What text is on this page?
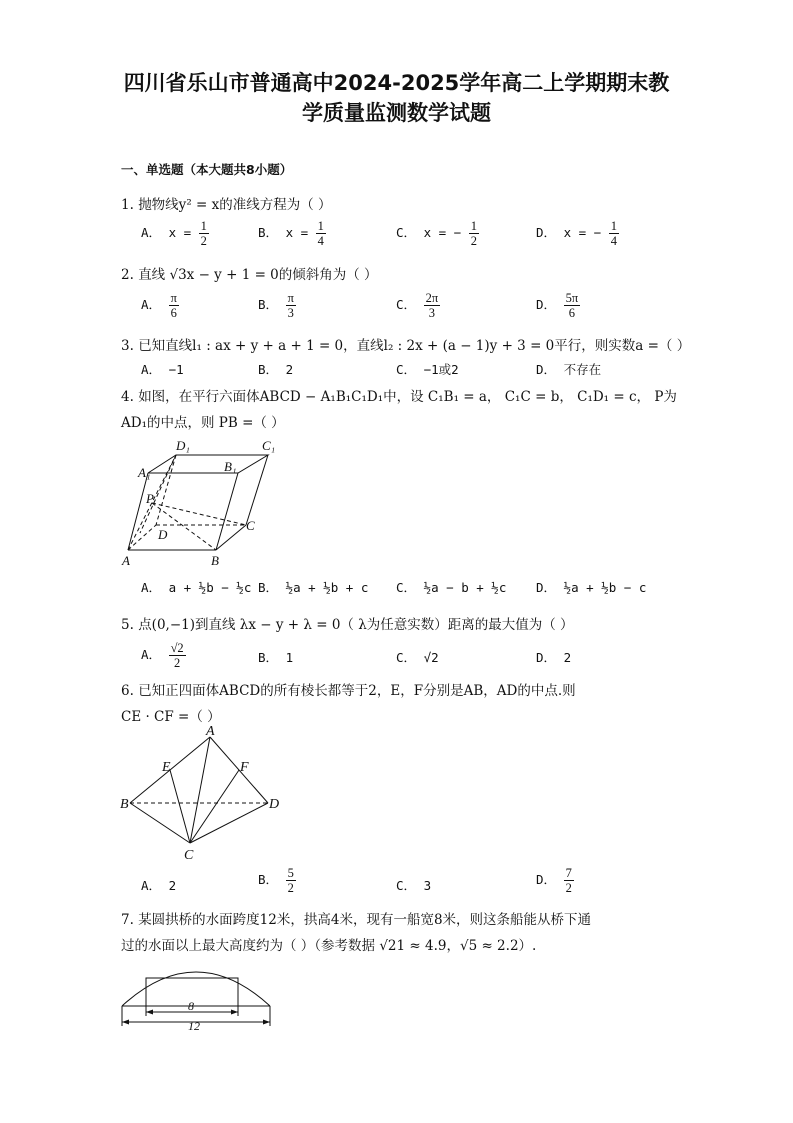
四川省乐山市普通高中2024-2025学年高二上学期期末教
学质量监测数学试题
一、单选题（本大题共8小题）
1. 抛物线y² = x的准线方程为（ ）
A． $x = \frac{1}{2}$	B． $x = \frac{1}{4}$	C． x = − $\frac{1}{2}$	D． x = − $\frac{1}{4}$
2. 直线 √3x − y + 1 = 0的倾斜角为（ ）
A． $\frac{\pi}{6}$	B． $\frac{\pi}{3}$	C． $\frac{2\pi}{3}$	D． $\frac{5\pi}{6}$
3. 已知直线l₁ : ax + y + a + 1 = 0，直线l₂ : 2x + (a − 1)y + 3 = 0平行，则实数a =（ ）
A． −1	B． 2	C． −1或2	D． 不存在
4. 如图，在平行六面体ABCD − A₁B₁C₁D₁中，设 C₁B₁ = a， C₁C = b， C₁D₁ = c， P为
AD₁的中点，则 PB =（ ）
D₁	C₁
A₁	B₁
P
D
C
A	B
A． a + ½b − ½c B． ½a + ½b + c C． ½a − b + ½c D． ½a + ½b − c
5. 点(0,−1)到直线 λx − y + λ = 0（ λ为任意实数）距离的最大值为（ ）
A． $\frac{√2}{2}$	B． 1	C． √2	D． 2
6. 已知正四面体ABCD的所有棱长都等于2，E，F分别是AB，AD的中点.则
CE · CF =（ ）
A
E	F
B	D
C
A． 2	B． $\frac{5}{2}$	C． 3	D． $\frac{7}{2}$
7. 某圆拱桥的水面跨度12米，拱高4米，现有一船宽8米，则这条船能从桥下通
过的水面以上最大高度约为（ ）（参考数据 √21 ≈ 4.9，√5 ≈ 2.2）.
8
12
